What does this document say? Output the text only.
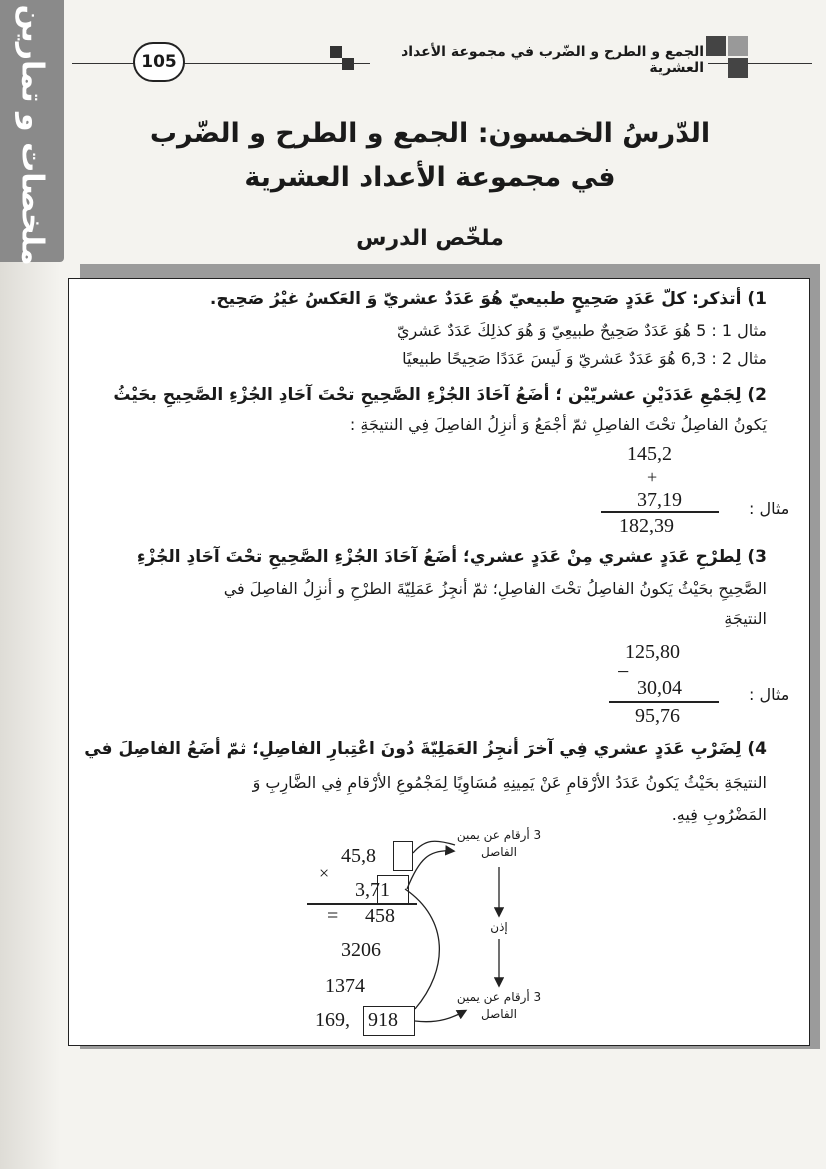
ملخصات و تمارين	105	الجمع و الطرح و الضّرب في مجموعة الأعداد العشرية
الدّرسُ الخمسون: الجمع و الطرح و الضّرب
في مجموعة الأعداد العشرية
ملخّص الدرس
1) أتذكر: كلّ عَدَدٍ صَحِيحٍ طبيعيّ هُوَ عَدَدٌ عشريّ وَ العَكسُ غيْرُ صَحِيح.
مثال 1 : 5 هُوَ عَدَدٌ صَحِيحٌ طبيعِيّ وَ هُوَ كذلِكَ عَدَدٌ عَشريّ
مثال 2 : 6,3 هُوَ عَدَدٌ عَشريّ وَ لَيسَ عَدَدًا صَحِيحًا طبيعيًا
2) لِجَمْعِ عَدَدَيْنِ عشريّيْن ؛ أضَعُ آحَادَ الجُزْءِ الصَّحِيحِ تحْتَ آحَادِ الجُزْءِ الصَّحِيحِ بحَيْثُ
يَكونُ الفاصِلُ تحْتَ الفاصِلِ ثمّ أجْمَعُ وَ أنزِلُ الفاصِلَ فِي النتيجَةِ :
145,2
+
37,19
182,39
مثال :
3) لِطرْحِ عَدَدٍ عشري مِنْ عَدَدٍ عشري؛ أضَعُ آحَادَ الجُزْءِ الصَّحِيحِ تحْتَ آحَادِ الجُزْءِ
الصَّحِيحِ بحَيْثُ يَكونُ الفاصِلُ تحْتَ الفاصِلِ؛ ثمّ أنجِزُ عَمَلِيّةَ الطرْحِ و أنزِلُ الفاصِلَ في
النتيجَةِ
125,80
−
30,04
95,76
مثال :
4) لِضَرْبِ عَدَدٍ عشري فِي آخرَ أنجِزُ العَمَلِيّةَ دُونَ اعْتِبارِ الفاصِلِ؛ ثمّ أضَعُ الفاصِلَ في
النتيجَةِ بحَيْثُ يَكونُ عَدَدُ الأرْقامِ عَنْ يَمِينِهِ مُسَاوِيًا لِمَجْمُوعِ الأرْقامِ فِي الضَّارِبِ وَ
المَضْرُوبِ فِيهِ.
45,8
×
3,71
= 458
3206
1374
169, 918
3 أرقام عن يمين الفاصل
إذن
3 أرقام عن يمين الفاصل
